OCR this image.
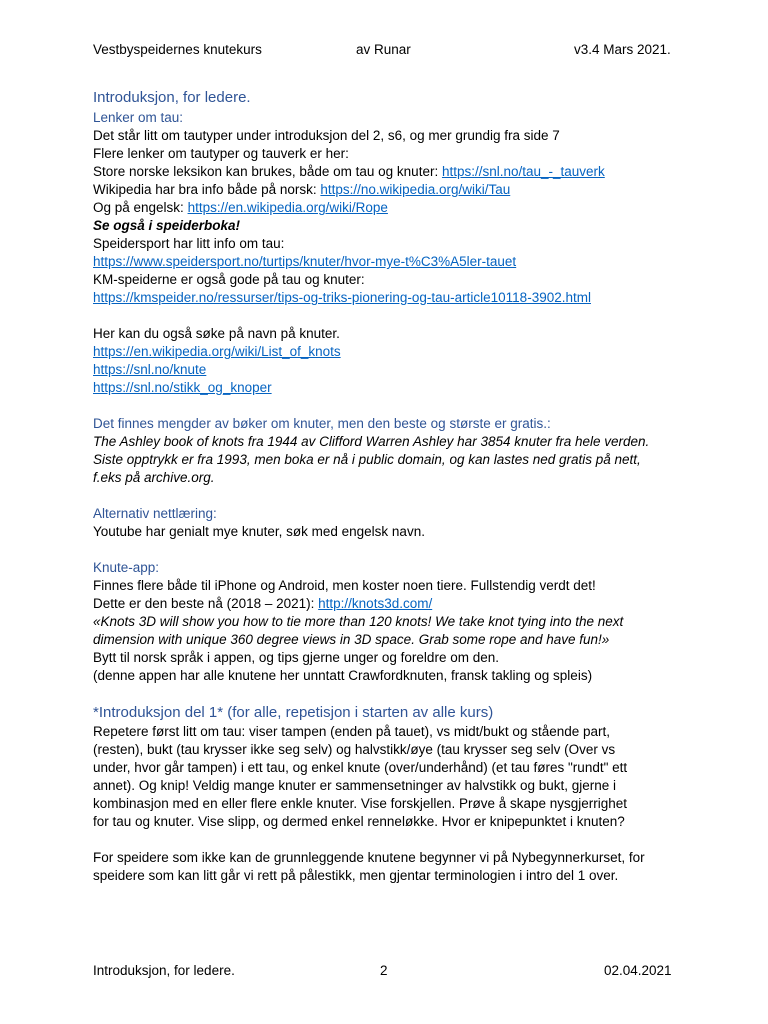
Vestbyspeidernes knutekurs	av Runar	v3.4 Mars 2021.
Introduksjon, for ledere.
Lenker om tau:
Det står litt om tautyper under introduksjon del 2, s6, og mer grundig fra side 7
Flere lenker om tautyper og tauverk er her:
Store norske leksikon kan brukes, både om tau og knuter: https://snl.no/tau_-_tauverk
Wikipedia har bra info både på norsk: https://no.wikipedia.org/wiki/Tau
Og på engelsk: https://en.wikipedia.org/wiki/Rope
Se også i speiderboka!
Speidersport har litt info om tau:
https://www.speidersport.no/turtips/knuter/hvor-mye-t%C3%A5ler-tauet
KM-speiderne er også gode på tau og knuter:
https://kmspeider.no/ressurser/tips-og-triks-pionering-og-tau-article10118-3902.html
Her kan du også søke på navn på knuter.
https://en.wikipedia.org/wiki/List_of_knots
https://snl.no/knute
https://snl.no/stikk_og_knoper
Det finnes mengder av bøker om knuter, men den beste og største er gratis.:
The Ashley book of knots fra 1944 av Clifford Warren Ashley har 3854 knuter fra hele verden.
Siste opptrykk er fra 1993, men boka er nå i public domain, og kan lastes ned gratis på nett,
f.eks på archive.org.
Alternativ nettlæring:
Youtube har genialt mye knuter, søk med engelsk navn.
Knute-app:
Finnes flere både til iPhone og Android, men koster noen tiere. Fullstendig verdt det!
Dette er den beste nå (2018 – 2021): http://knots3d.com/
«Knots 3D will show you how to tie more than 120 knots! We take knot tying into the next
dimension with unique 360 degree views in 3D space. Grab some rope and have fun!»
Bytt til norsk språk i appen, og tips gjerne unger og foreldre om den.
(denne appen har alle knutene her unntatt Crawfordknuten, fransk takling og spleis)
*Introduksjon del 1* (for alle, repetisjon i starten av alle kurs)
Repetere først litt om tau: viser tampen (enden på tauet), vs midt/bukt og stående part,
(resten), bukt (tau krysser ikke seg selv) og halvstikk/øye (tau krysser seg selv (Over vs
under, hvor går tampen) i ett tau, og enkel knute (over/underhånd) (et tau føres "rundt" ett
annet). Og knip! Veldig mange knuter er sammensetninger av halvstikk og bukt, gjerne i
kombinasjon med en eller flere enkle knuter. Vise forskjellen. Prøve å skape nysgjerrighet
for tau og knuter. Vise slipp, og dermed enkel renneløkke. Hvor er knipepunktet i knuten?
For speidere som ikke kan de grunnleggende knutene begynner vi på Nybegynnerkurset, for
speidere som kan litt går vi rett på pålestikk, men gjentar terminologien i intro del 1 over.
Introduksjon, for ledere.	2	02.04.2021
